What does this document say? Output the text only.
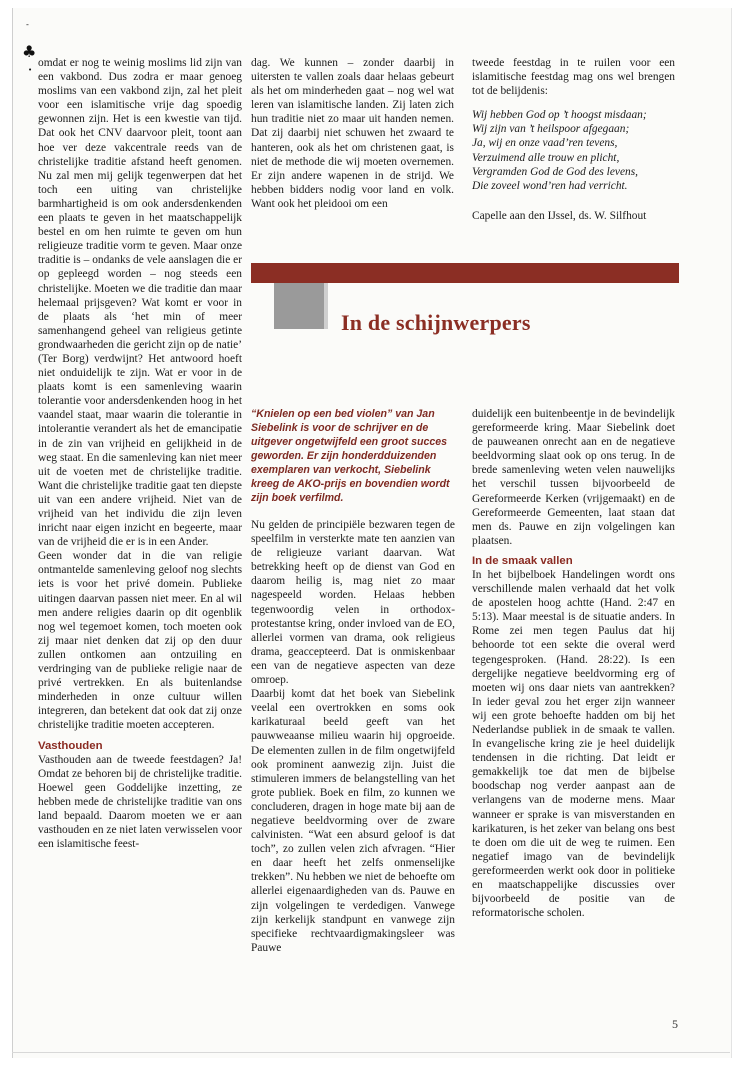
-
♣
•

omdat er nog te weinig moslims lid zijn van een vakbond. Dus zodra er maar genoeg moslims van een vakbond zijn, zal het pleit voor een islamitische vrije dag spoedig gewonnen zijn. Het is een kwestie van tijd. Dat ook het CNV daarvoor pleit, toont aan hoe ver deze vakcentrale reeds van de christelijke traditie afstand heeft genomen. Nu zal men mij gelijk tegenwerpen dat het toch een uiting van christelijke barmhartigheid is om ook andersdenkenden een plaats te geven in het maatschappelijk bestel en om hen ruimte te geven om hun religieuze traditie vorm te geven. Maar onze traditie is – ondanks de vele aanslagen die er op gepleegd worden – nog steeds een christelijke. Moeten we die traditie dan maar helemaal prijsgeven? Wat komt er voor in de plaats als ‘het min of meer samenhangend geheel van religieus getinte grondwaarheden die gericht zijn op de natie’ (Ter Borg) verdwijnt? Het antwoord hoeft niet onduidelijk te zijn. Wat er voor in de plaats komt is een samenleving waarin tolerantie voor andersdenkenden hoog in het vaandel staat, maar waarin die tolerantie in intolerantie verandert als het de emancipatie in de zin van vrijheid en gelijkheid in de weg staat. En die samenleving kan niet meer uit de voeten met de christelijke traditie. Want die christelijke traditie gaat ten diepste uit van een andere vrijheid. Niet van de vrijheid van het individu die zijn leven inricht naar eigen inzicht en begeerte, maar van de vrijheid die er is in een Ander.

Geen wonder dat in die van religie ontmantelde samenleving geloof nog slechts iets is voor het privé domein. Publieke uitingen daarvan passen niet meer. En al wil men andere religies daarin op dit ogenblik nog wel tegemoet komen, toch moeten ook zij maar niet denken dat zij op den duur zullen ontkomen aan ontzuiling en verdringing van de publieke religie naar de privé vertrekken. En als buitenlandse minderheden in onze cultuur willen integreren, dan betekent dat ook dat zij onze christelijke traditie moeten accepteren.

Vasthouden

Vasthouden aan de tweede feestdagen? Ja! Omdat ze behoren bij de christelijke traditie. Hoewel geen Goddelijke inzetting, ze hebben mede de christelijke traditie van ons land bepaald. Daarom moeten we er aan vasthouden en ze niet laten verwisselen voor een islamitische feest-

dag. We kunnen – zonder daarbij in uitersten te vallen zoals daar helaas gebeurt als het om minderheden gaat – nog wel wat leren van islamitische landen. Zij laten zich hun traditie niet zo maar uit handen nemen. Dat zij daarbij niet schuwen het zwaard te hanteren, ook als het om christenen gaat, is niet de methode die wij moeten overnemen. Er zijn andere wapenen in de strijd. We hebben bidders nodig voor land en volk. Want ook het pleidooi om een

tweede feestdag in te ruilen voor een islamitische feestdag mag ons wel brengen tot de belijdenis:

Wij hebben God op ’t hoogst misdaan;
Wij zijn van ’t heilspoor afgegaan;
Ja, wij en onze vaad’ren tevens,
Verzuimend alle trouw en plicht,
Vergramden God de God des levens,
Die zoveel wond’ren had verricht.

Capelle aan den IJssel, ds. W. Silfhout

In de schijnwerpers
“Knielen op een bed violen” van Jan Siebelink is voor de schrijver en de uitgever ongetwijfeld een groot succes geworden. Er zijn honderdduizenden exemplaren van verkocht, Siebelink kreeg de AKO-prijs en bovendien wordt zijn boek verfilmd.

Nu gelden de principiële bezwaren tegen de speelfilm in versterkte mate ten aanzien van de religieuze variant daarvan. Wat betrekking heeft op de dienst van God en daarom heilig is, mag niet zo maar nagespeeld worden. Helaas hebben tegenwoordig velen in orthodox-protestantse kring, onder invloed van de EO, allerlei vormen van drama, ook religieus drama, geaccepteerd. Dat is onmiskenbaar een van de negatieve aspecten van deze omroep.

Daarbij komt dat het boek van Siebelink veelal een overtrokken en soms ook karikaturaal beeld geeft van het pauwweaanse milieu waarin hij opgroeide. De elementen zullen in de film ongetwijfeld ook prominent aanwezig zijn. Juist die stimuleren immers de belangstelling van het grote publiek. Boek en film, zo kunnen we concluderen, dragen in hoge mate bij aan de negatieve beeldvorming over de zware calvinisten. “Wat een absurd geloof is dat toch”, zo zullen velen zich afvragen. “Hier en daar heeft het zelfs onmenselijke trekken”. Nu hebben we niet de behoefte om allerlei eigenaardigheden van ds. Pauwe en zijn volgelingen te verdedigen. Vanwege zijn kerkelijk standpunt en vanwege zijn specifieke rechtvaardigmakingsleer was Pauwe

duidelijk een buitenbeentje in de bevindelijk gereformeerde kring. Maar Siebelink doet de pauweanen onrecht aan en de negatieve beeldvorming slaat ook op ons terug. In de brede samenleving weten velen nauwelijks het verschil tussen bijvoorbeeld de Gereformeerde Kerken (vrijgemaakt) en de Gereformeerde Gemeenten, laat staan dat men ds. Pauwe en zijn volgelingen kan plaatsen.

In de smaak vallen

In het bijbelboek Handelingen wordt ons verschillende malen verhaald dat het volk de apostelen hoog achtte (Hand. 2:47 en 5:13). Maar meestal is de situatie anders. In Rome zei men tegen Paulus dat hij behoorde tot een sekte die overal werd tegengesproken. (Hand. 28:22). Is een dergelijke negatieve beeldvorming erg of moeten wij ons daar niets van aantrekken? In ieder geval zou het erger zijn wanneer wij een grote behoefte hadden om bij het Nederlandse publiek in de smaak te vallen. In evangelische kring zie je heel duidelijk tendensen in die richting. Dat leidt er gemakkelijk toe dat men de bijbelse boodschap nog verder aanpast aan de verlangens van de moderne mens. Maar wanneer er sprake is van misverstanden en karikaturen, is het zeker van belang ons best te doen om die uit de weg te ruimen. Een negatief imago van de bevindelijk gereformeerden werkt ook door in politieke en maatschappelijke discussies over bijvoorbeeld de positie van de reformatorische scholen.

5
